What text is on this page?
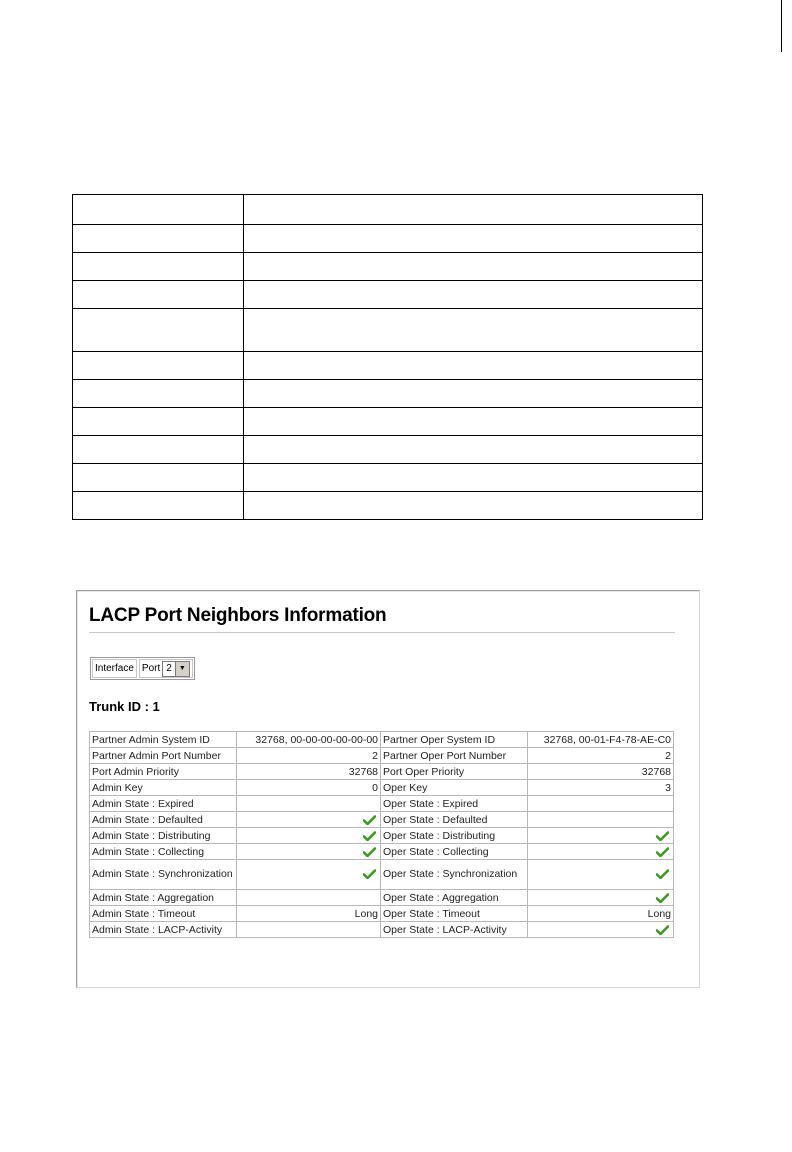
LACP Port Neighbors Information
Interface Port 2	▼
Trunk ID : 1
Partner Admin System ID	32768, 00-00-00-00-00-00	Partner Oper System ID	32768, 00-01-F4-78-AE-C0
Partner Admin Port Number	2	Partner Oper Port Number	2
Port Admin Priority	32768	Port Oper Priority	32768
Admin Key	0	Oper Key	3
Admin State : Expired		Oper State : Expired	
Admin State : Defaulted		Oper State : Defaulted	
Admin State : Distributing		Oper State : Distributing	
Admin State : Collecting		Oper State : Collecting	
Admin State : Synchronization		Oper State : Synchronization	
Admin State : Aggregation		Oper State : Aggregation	
Admin State : Timeout	Long	Oper State : Timeout	Long
Admin State : LACP-Activity		Oper State : LACP-Activity	
